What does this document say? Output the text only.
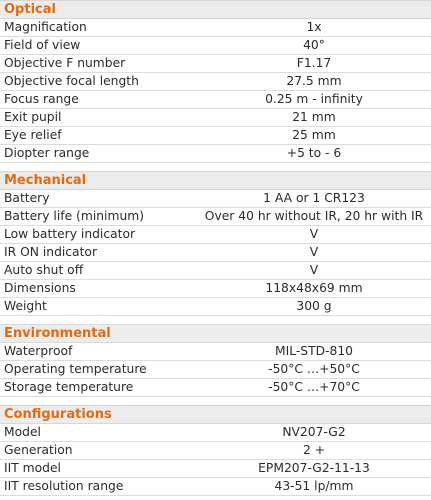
Optical
Magnification	1x
Field of view	40°
Objective F number	F1.17
Objective focal length	27.5 mm
Focus range	0.25 m - infinity
Exit pupil	21 mm
Eye relief	25 mm
Diopter range	+5 to - 6
Mechanical
Battery	1 AA or 1 CR123
Battery life (minimum)	Over 40 hr without IR, 20 hr with IR
Low battery indicator	V
IR ON indicator	V
Auto shut off	V
Dimensions	118x48x69 mm
Weight	300 g
Environmental
Waterproof	MIL-STD-810
Operating temperature	-50°C …+50°C
Storage temperature	-50°C …+70°C
Configurations
Model	NV207-G2
Generation	2 +
IIT model	EPM207-G2-11-13
IIT resolution range	43-51 lp/mm
